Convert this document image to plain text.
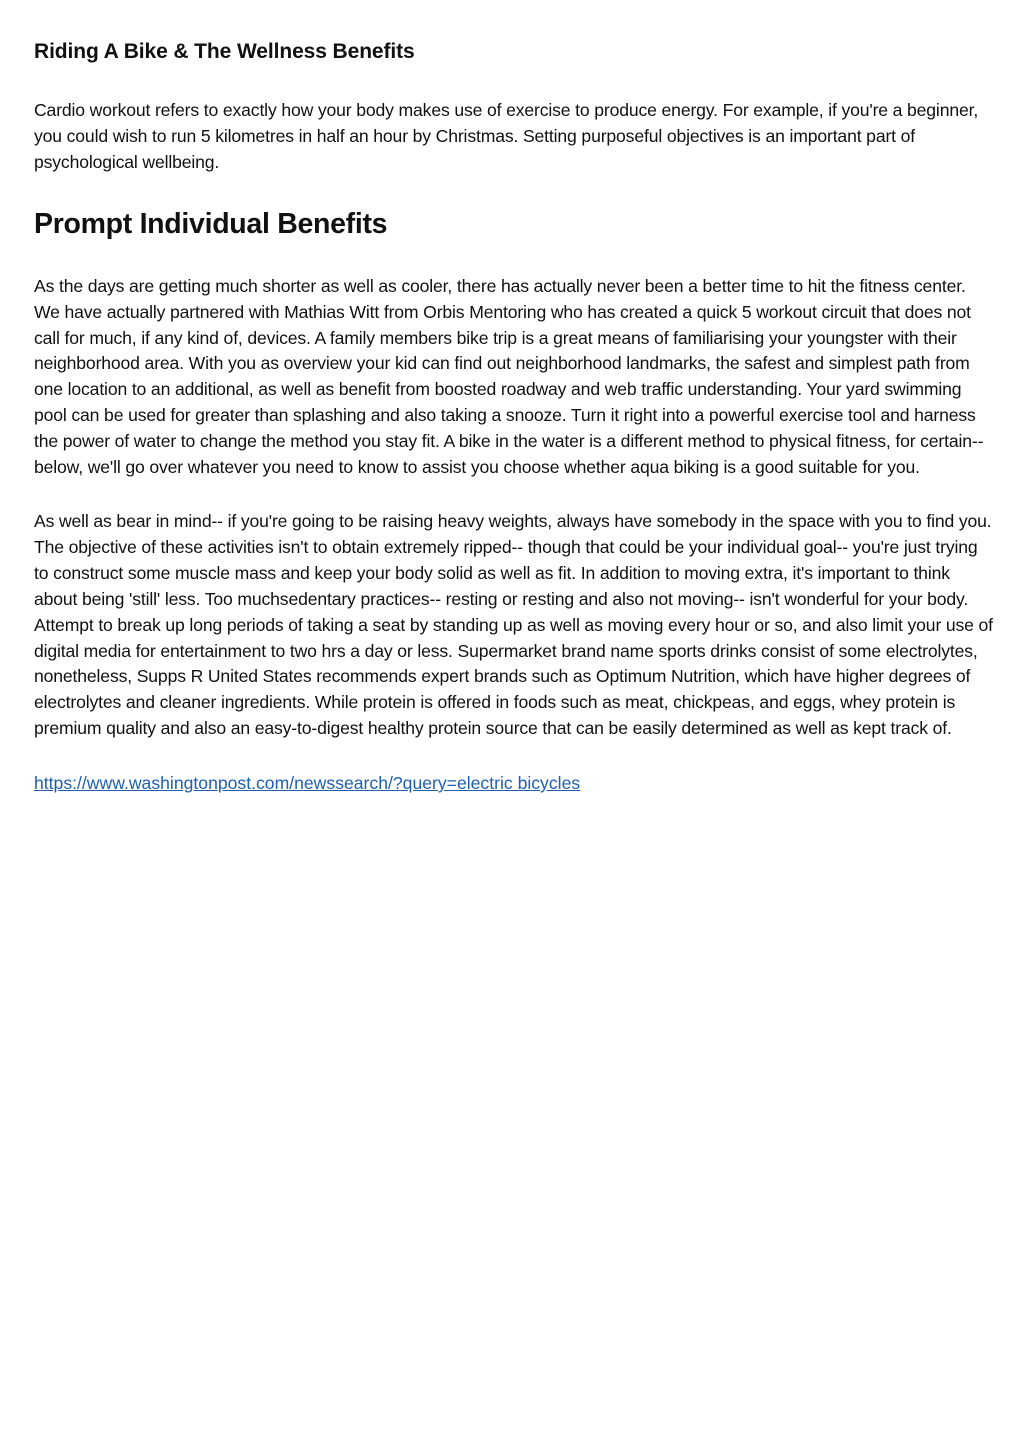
Riding A Bike & The Wellness Benefits

Cardio workout refers to exactly how your body makes use of exercise to produce energy. For example, if you're a beginner, you could wish to run 5 kilometres in half an hour by Christmas. Setting purposeful objectives is an important part of psychological wellbeing.

Prompt Individual Benefits

As the days are getting much shorter as well as cooler, there has actually never been a better time to hit the fitness center. We have actually partnered with Mathias Witt from Orbis Mentoring who has created a quick 5 workout circuit that does not call for much, if any kind of, devices. A family members bike trip is a great means of familiarising your youngster with their neighborhood area. With you as overview your kid can find out neighborhood landmarks, the safest and simplest path from one location to an additional, as well as benefit from boosted roadway and web traffic understanding. Your yard swimming pool can be used for greater than splashing and also taking a snooze. Turn it right into a powerful exercise tool and harness the power of water to change the method you stay fit. A bike in the water is a different method to physical fitness, for certain-- below, we'll go over whatever you need to know to assist you choose whether aqua biking is a good suitable for you.

As well as bear in mind-- if you're going to be raising heavy weights, always have somebody in the space with you to find you. The objective of these activities isn't to obtain extremely ripped-- though that could be your individual goal-- you're just trying to construct some muscle mass and keep your body solid as well as fit. In addition to moving extra, it's important to think about being 'still' less. Too muchsedentary practices-- resting or resting and also not moving-- isn't wonderful for your body. Attempt to break up long periods of taking a seat by standing up as well as moving every hour or so, and also limit your use of digital media for entertainment to two hrs a day or less. Supermarket brand name sports drinks consist of some electrolytes, nonetheless, Supps R United States recommends expert brands such as Optimum Nutrition, which have higher degrees of electrolytes and cleaner ingredients. While protein is offered in foods such as meat, chickpeas, and eggs, whey protein is premium quality and also an easy-to-digest healthy protein source that can be easily determined as well as kept track of.

https://www.washingtonpost.com/newssearch/?query=electric bicycles
